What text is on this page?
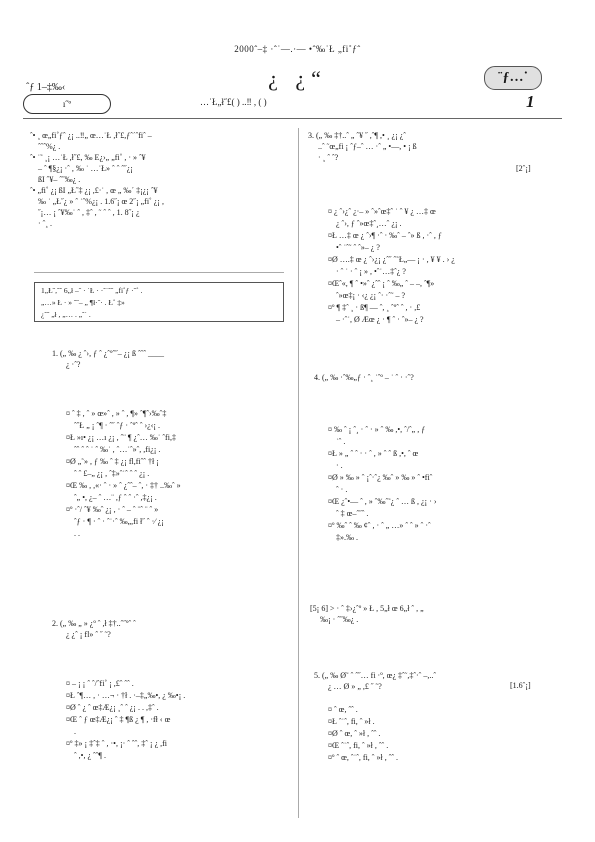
2000ˆ–‡ ·ˆ˙—.·— •ˆ‰˙Ł „fi˚ƒˆ
ˆƒ 1–‡‰‹	¿ ¿“	¨ƒ…˙
ı˝º	…˙Ł„ł˝£( ) ..‼ , ( )	1
ˆ• ¸ œ„fi˚ƒˆ ¿¡ ..‼„ œ…˙Ł ,ł˝£,ƒˆ´ˆfiˆ –
ˆ˝ˆ%¿ .
ˆ• ˙˜ ¸¡ …˙Ł ,ł˝£, ‰ Ε¿›„ „fi˚ , · » ˆ¥
– ˆ ¶§¿¡ ·ˆ , ‰ ˙ …˙Ł» ˆ ˆ ˆ˝¿¡
ßΙ ˆ¥– ˆ˝‰¿ .
ˆ• „fi˚ ¿¡ ßΙ „Ł˝‡ ¿¡ ,£·˙ , œ „ ‰´ ‡¡¿¡ ˆ¥
‰ ˙ „Ł˝¿ » ˆ ˙ˆ%¿¡ . 1.6˝¡ œ 2˝¡ „fi˚ ¿¡ ,
˝¡… ¡ ˆ¥‰˙ ˆ , ‡ˆ , ˜ ˆ ˆ , 1. 8˝¡ ¿
· ˆ¸ .
1„Ł˝,ˆ˜ 6„ł –ˆ · ˙Ł · ·ˆ˙ˆ˜ „fi˚ƒ ·ˆ˚ .
„…» Ł · » ˆ˝– „ ¶ł·ˆ· . Ł˚ ‡»
¿ˆ˜ „ł , „… . „˜˙ .
1. („ ‰ ¿ ˆ›, ƒ ˆ ¿ˆºˆ˝– ¿¡ ß ˆ˝ˆ ____
¿ ·ˆ?
¤ ˆ ‡ , ˆ » œ»ˆ , » ˆ , ¶» ˆ¶ˆ›‰ˆ‡
ˆˆŁ „ ¡ ˆ¶ · ˆ˝ ˆƒ · ˆºˆ ˆ ›¿‹¡ .
¤Ł »ı• ¿¡ …ı ¿¡ , ˆ¨ ¶ ¿ˆ… ‰˙ ˆfi,‡
ˆˆ ˆ ˆ ˙ ˆ ‰˙ , ˆ…˙ˆ»ˆ, ,fi¿¡ .
¤Ø „˜» , ƒ ‰ ˆ ‡ ¿¡ fl,fiˆˆ †ł ¡
ˆ ˆ £–„ ¿¡ , ˆ‡»ˆ˙ˆ ˆ ˆ ¿¡ .
¤Œ ‰ , ,«· ˆ · » ˆ ¿ˆˆ– ˆ, · ‡† ..‰ˆ »
ˆ„ •, ¿– ˆ …¨ ,ƒ ˆ ˆ ·ˆ ,‡¿¡ .
¤º ·ˆ/ ˆ¥ ‰ˆ ¿¡ , · ˆ – ˆ ¨ˆ ¨ ˆ »
ˆƒ · ¶ · ˆ · ˆ˙·ˆ ‰„,fi ł˝ ˆ ·⁄ ¿¡
. .
2. („ ‰ „ » ¿º ˆ ,ł ‡†..ˆ˝ºˆ ˆ
¿ ¿ˆ ¡ fl» ˆ ˝ ˜?
¤ – ¡ ¡ ˆ ˆ/ˆfi˚ ¡ ,£ˆ ˆˆ .
¤Ł ˆ¶… , · …¬ · †ł . ·–‡„‰•, ¿ ‰•¡ .
¤Ø ˆ ¿ ˆ œ‡Æ¿¡ ¸ˆ ˆ ¿¡ . . ,‡ˆ .
¤Œ ˆ ƒ œ‡Æ¿¡ ˆ ‡ ¶ß ¿ ¶ , ·fł ‹ œ
.
¤º ‡» ¡ ‡ˆ‡ ˆ , ·•, ¡· ˆ ˆˆ, ‡ˆ ¡ ¿ ,fi
ˆ ,•, ¿ ˆˆ¶ .
3. („ ‰ ‡†..ˆ „ ˆ¥ ˝ ,ˆ¶ ,• ¸ ¿¡ ¿ˆ
..ˆ ˜œ„fi ¡ ˆƒ–ˆ … ·ˆ „ •—, • ¡ ß
· ¸ ˆ ˆ?
[2ˆ¡]
¤ ¿ ˆ›¿ˆ ¿·– » ˆ»ˆœ‡ˆ ˙ ˆ ¥ ¿ …‡ œ
¿ ˆ›, ƒ ˆ»œ‡ˆ¸…ˆ ¿¡ .
¤Ł …‡ œ ¿ ˆ›¶ ·ˆ · ‰ˆ – ˆ» ß , ·ˆ , ƒ
•ˆ ˙ˆ˜ ˆ ˆ»– ¿ ?
¤Ø ….‡ œ ¿ ˆ›¿¡ ¿ˆ˝ ˆ˜Ł„— ¡ · , ¥ ¥ . › ¿
· ˆ ˙ · ˆ ¡ » , •ˆ˙…‡ˆ¿ ?
¤Œˆ«, ¶ ˆ •»ˆ ¿ˆˆ ¡ ˆ ‰„ ˆ – –, ˆ¶»
ˆ»œ‡¡ · ‹¿ ¿¡ ˆ· ·ˆ˜ – ?
¤º ¶ ‡ˆ ¸ · ß¶ — ˆ, ¸ ˆºˆ ˆ , · ,£
– ·ˆ˙, Ø Æœ ¿ · ¶ ˆ · ˆ»– ¿ ?
4. („ ‰ ·ˆ‰„ƒ · ˆ¸ ˙ˆº – ˙ ˆ · ·ˆ?
¤ ‰ ˆ ¡ ˆ¸ · ˆ · » ˆ ‰ ,•, ˆ/ˆ„ , ƒ
˙ˆ .
¤Ł » „ ˆ ˆ · · ˆ , » ˆ ˆ ß ,•, ˆ œ
· .
¤Ø » ‰ » ˆ ¡ˆ·ˆ¿ ‰ˆ » ‰ » ˆ •fiˆ
ˆ · .
¤Œ ¿ˆ•— ˆ , » ˆ‰ˆ˜¿ ˆ … ß , ¿¡ · ›
ˆ ‡ œ–ˆ˝ˆ .
¤º ‰ˆ ˆ ‰ ¢ˆ , · ˆ „ …» ˆ ˆ » ˆ ·ˆ
‡».‰ .
[5¡ 6] ˃ · ˆ ‡›¿ˆº » Ł , 5„ł œ 6„ł ˆ , „
‰¡ · ˆ˝‰¿ .
5. („ ‰ Ø˜ ˆ ˆ˝… fi ·º, œ¿ ‡ˆ˜,‡ˆ·ˆ –,..ˆ
¿ … Ø » „ ,£ ˝ ˜?	[1.6ˆ¡]
¤ ˆ œ, ˆˆ .
¤Ł ˆ˙ˆ, fi, ˆ »ł .
¤Ø ˆ œ, ˆ »ł , ˆˆ .
¤Œ ˆ˙ˆ, fi, ˆ »ł , ˆˆ .
¤º ˆ œ, ˆ˙ˆ, fi, ˆ »ł , ˆˆ .
